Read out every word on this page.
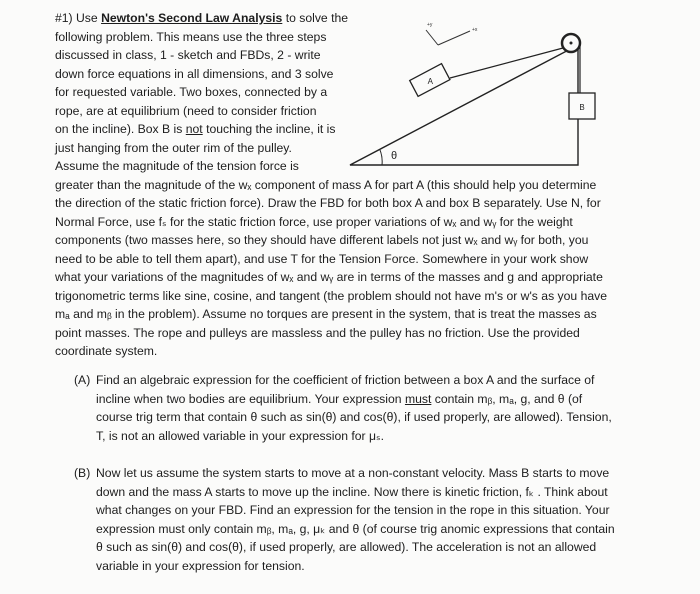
#1) Use Newton's Second Law Analysis to solve the
following problem. This means use the three steps
discussed in class, 1 - sketch and FBDs, 2 - write
down force equations in all dimensions, and 3 solve
for requested variable. Two boxes, connected by a
rope, are at equilibrium (need to consider friction
on the incline). Box B is not touching the incline, it is
just hanging from the outer rim of the pulley.
Assume the magnitude of the tension force is
greater than the magnitude of the wₓ component of mass A for part A (this should help you determine
the direction of the static friction force). Draw the FBD for both box A and box B separately. Use N, for
Normal Force, use fₛ for the static friction force, use proper variations of wₓ and wᵧ for the weight
components (two masses here, so they should have different labels not just wₓ and wᵧ for both, you
need to be able to tell them apart), and use T for the Tension Force. Somewhere in your work show
what your variations of the magnitudes of wₓ and wᵧ are in terms of the masses and g and appropriate
trigonometric terms like sine, cosine, and tangent (the problem should not have m's or w's as you have
mₐ and mᵦ in the problem). Assume no torques are present in the system, that is treat the masses as
point masses. The rope and pulleys are massless and the pulley has no friction. Use the provided
coordinate system.
+y
+x
θ
A
B
(A) Find an algebraic expression for the coefficient of friction between a box A and the surface of
incline when two bodies are equilibrium. Your expression must contain mᵦ, mₐ, g, and θ (of
course trig term that contain θ such as sin(θ) and cos(θ), if used properly, are allowed). Tension,
T, is not an allowed variable in your expression for μₛ.
(B) Now let us assume the system starts to move at a non-constant velocity. Mass B starts to move
down and the mass A starts to move up the incline. Now there is kinetic friction, fₖ . Think about
what changes on your FBD. Find an expression for the tension in the rope in this situation. Your
expression must only contain mᵦ, mₐ, g, μₖ and θ (of course trig anomic expressions that contain
θ such as sin(θ) and cos(θ), if used properly, are allowed). The acceleration is not an allowed
variable in your expression for tension.
